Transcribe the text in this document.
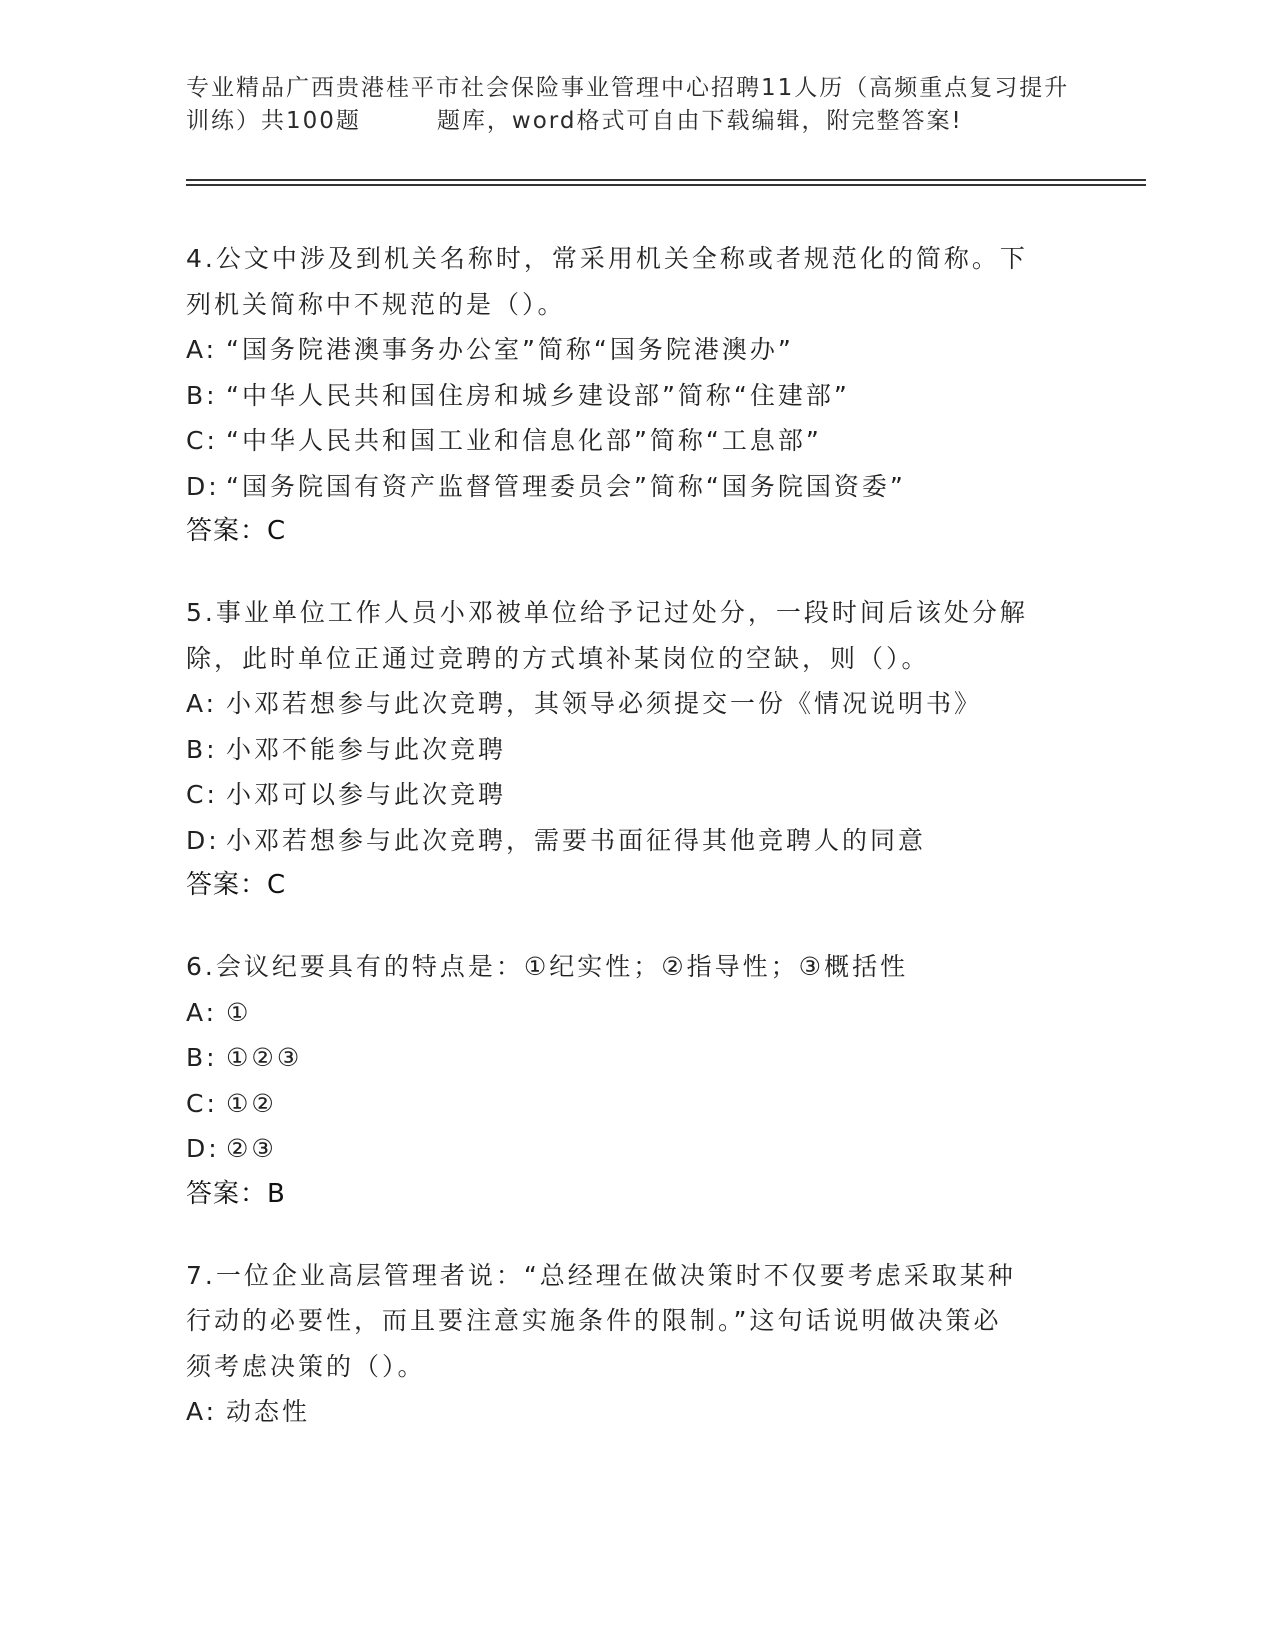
专业精品广西贵港桂平市社会保险事业管理中心招聘11人历（高频重点复习提升
训练）共100题	题库，word格式可自由下载编辑，附完整答案!
4.公文中涉及到机关名称时，常采用机关全称或者规范化的简称。下
列机关简称中不规范的是（）。
A: “国务院港澳事务办公室”简称“国务院港澳办”
B: “中华人民共和国住房和城乡建设部”简称“住建部”
C: “中华人民共和国工业和信息化部”简称“工息部”
D: “国务院国有资产监督管理委员会”简称“国务院国资委”
答案：C
5.事业单位工作人员小邓被单位给予记过处分，一段时间后该处分解
除，此时单位正通过竞聘的方式填补某岗位的空缺，则（）。
A: 小邓若想参与此次竞聘，其领导必须提交一份《情况说明书》
B: 小邓不能参与此次竞聘
C: 小邓可以参与此次竞聘
D: 小邓若想参与此次竞聘，需要书面征得其他竞聘人的同意
答案：C
6.会议纪要具有的特点是：①纪实性；②指导性；③概括性
A: ①
B: ①②③
C: ①②
D: ②③
答案：B
7.一位企业高层管理者说：“总经理在做决策时不仅要考虑采取某种
行动的必要性，而且要注意实施条件的限制。”这句话说明做决策必
须考虑决策的（）。
A: 动态性
